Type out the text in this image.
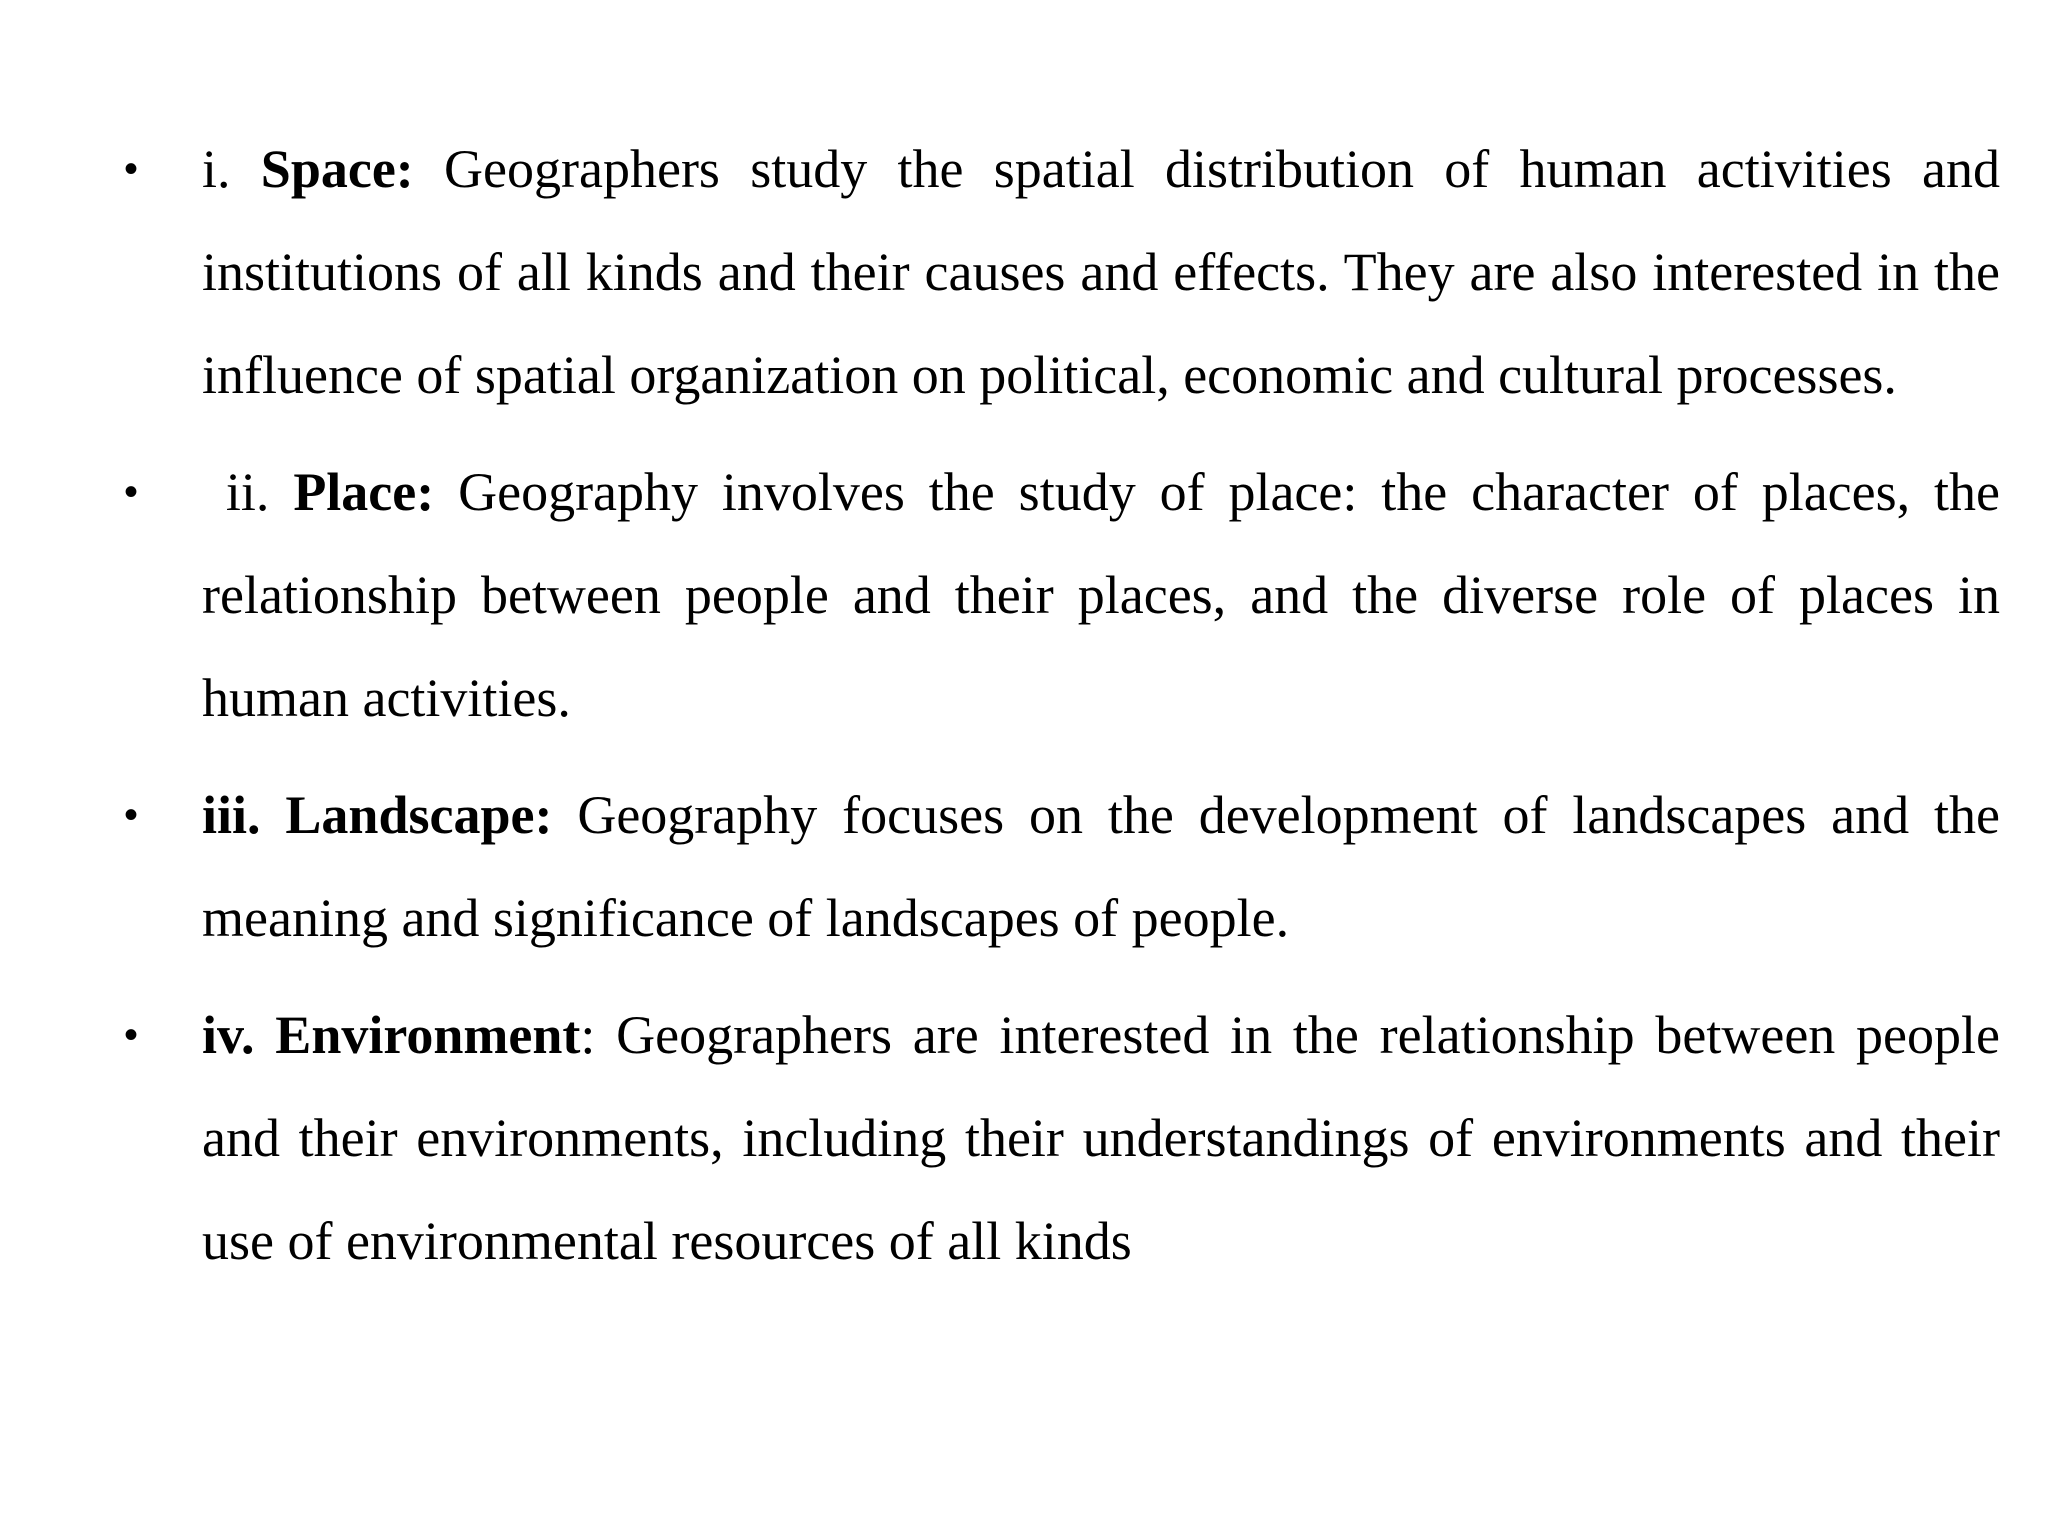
•	i. Space: Geographers study the spatial distribution of human activities and institutions of all kinds and their causes and effects. They are also interested in the influence of spatial organization on political, economic and cultural processes.

•	ii. Place: Geography involves the study of place: the character of places, the relationship between people and their places, and the diverse role of places in human activities.

•	iii. Landscape: Geography focuses on the development of landscapes and the meaning and significance of landscapes of people.

•	iv. Environment: Geographers are interested in the relationship between people and their environments, including their understandings of environments and their use of environmental resources of all kinds
